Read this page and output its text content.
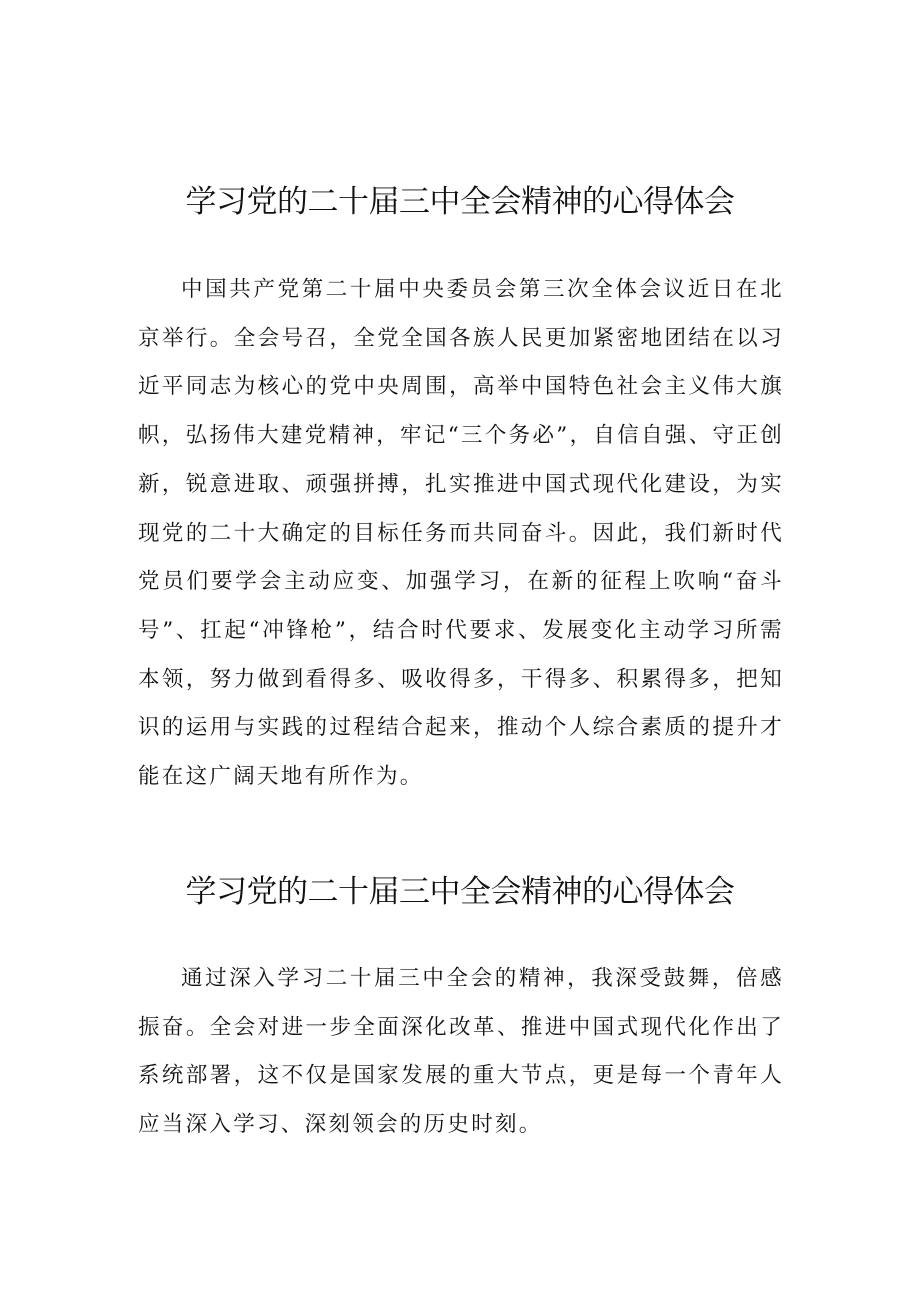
学习党的二十届三中全会精神的心得体会

中国共产党第二十届中央委员会第三次全体会议近日在北京举行。全会号召，全党全国各族人民更加紧密地团结在以习近平同志为核心的党中央周围，高举中国特色社会主义伟大旗帜，弘扬伟大建党精神，牢记“三个务必”，自信自强、守正创新，锐意进取、顽强拼搏，扎实推进中国式现代化建设，为实现党的二十大确定的目标任务而共同奋斗。因此，我们新时代党员们要学会主动应变、加强学习，在新的征程上吹响“奋斗号”、扛起“冲锋枪”，结合时代要求、发展变化主动学习所需本领，努力做到看得多、吸收得多，干得多、积累得多，把知识的运用与实践的过程结合起来，推动个人综合素质的提升才能在这广阔天地有所作为。

学习党的二十届三中全会精神的心得体会

通过深入学习二十届三中全会的精神，我深受鼓舞，倍感振奋。全会对进一步全面深化改革、推进中国式现代化作出了系统部署，这不仅是国家发展的重大节点，更是每一个青年人应当深入学习、深刻领会的历史时刻。
